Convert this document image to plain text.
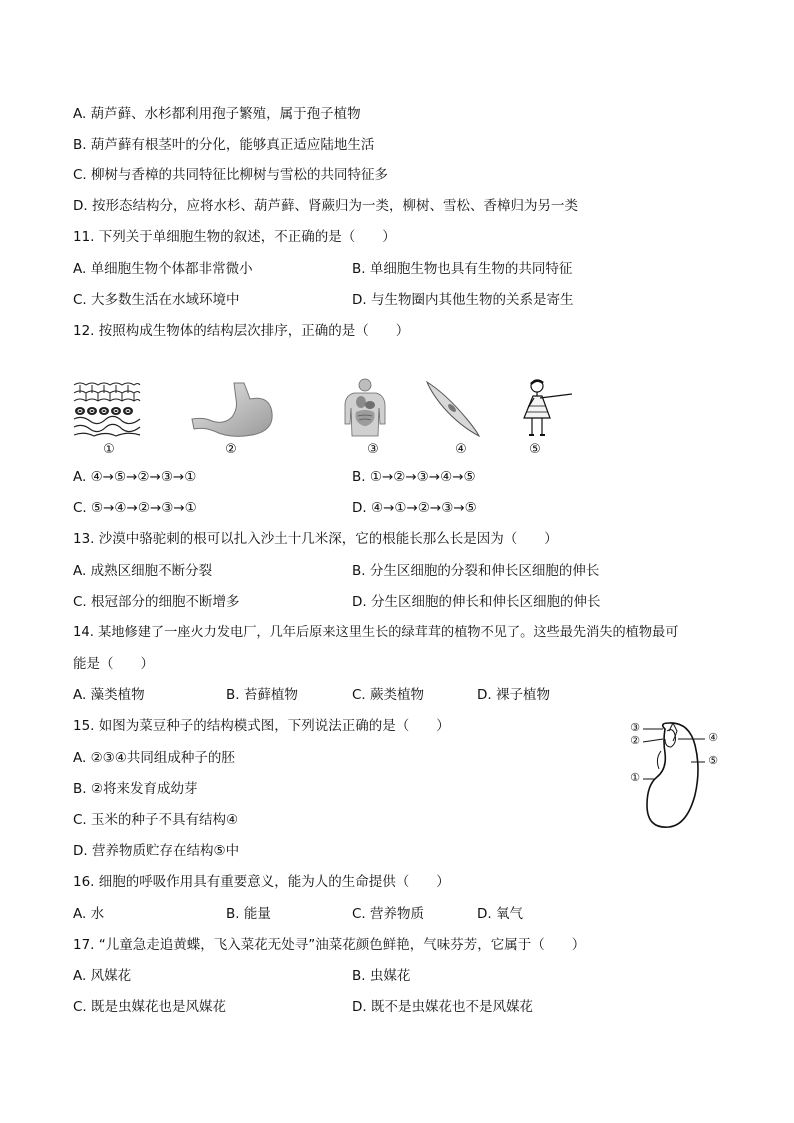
A. 葫芦藓、水杉都利用孢子繁殖，属于孢子植物
B. 葫芦藓有根茎叶的分化，能够真正适应陆地生活
C. 柳树与香樟的共同特征比柳树与雪松的共同特征多
D. 按形态结构分，应将水杉、葫芦藓、肾蕨归为一类，柳树、雪松、香樟归为另一类
11. 下列关于单细胞生物的叙述，不正确的是（　　）
A. 单细胞生物个体都非常微小	B. 单细胞生物也具有生物的共同特征
C. 大多数生活在水域环境中	D. 与生物圈内其他生物的关系是寄生
12. 按照构成生物体的结构层次排序，正确的是（　　）
①	②	③	④	⑤
A. ④→⑤→②→③→①	B. ①→②→③→④→⑤
C. ⑤→④→②→③→①	D. ④→①→②→③→⑤
13. 沙漠中骆驼刺的根可以扎入沙土十几米深，它的根能长那么长是因为（　　）
A. 成熟区细胞不断分裂	B. 分生区细胞的分裂和伸长区细胞的伸长
C. 根冠部分的细胞不断增多	D. 分生区细胞的伸长和伸长区细胞的伸长
14. 某地修建了一座火力发电厂，几年后原来这里生长的绿茸茸的植物不见了。这些最先消失的植物最可
能是（　　）
A. 藻类植物	B. 苔藓植物	C. 蕨类植物	D. 裸子植物
15. 如图为菜豆种子的结构模式图，下列说法正确的是（　　）
A. ②③④共同组成种子的胚
B. ②将来发育成幼芽
C. 玉米的种子不具有结构④
D. 营养物质贮存在结构⑤中
③
②	④
⑤
①
16. 细胞的呼吸作用具有重要意义，能为人的生命提供（　　）
A. 水	B. 能量	C. 营养物质	D. 氧气
17. “儿童急走追黄蝶，飞入菜花无处寻”油菜花颜色鲜艳，气味芬芳，它属于（　　）
A. 风媒花	B. 虫媒花
C. 既是虫媒花也是风媒花	D. 既不是虫媒花也不是风媒花
